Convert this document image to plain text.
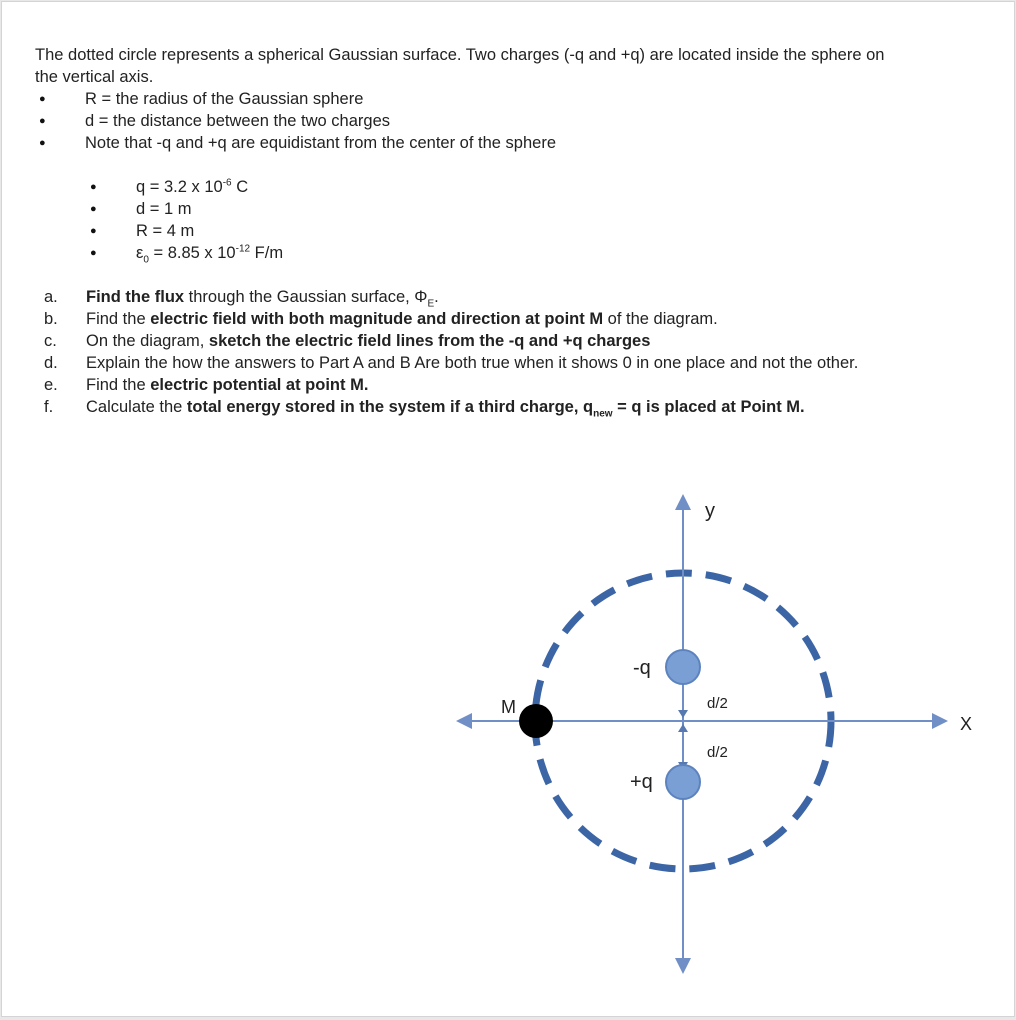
The dotted circle represents a spherical Gaussian surface. Two charges (-q and +q) are located inside the sphere on the vertical axis.

● R = the radius of the Gaussian sphere
● d = the distance between the two charges
● Note that -q and +q are equidistant from the center of the sphere
● q = 3.2 x $10^{-6}$ C
● d = 1 m
● R = 4 m
● $\varepsilon_0 = 8.85$ x $10^{-12}$ F/m
a. Find the flux through the Gaussian surface, $\Phi_E$.
b. Find the electric field with both magnitude and direction at point M of the diagram.
c. On the diagram, sketch the electric field lines from the -q and +q charges
d. Explain the how the answers to Part A and B Are both true when it shows 0 in one place and not the other.
e. Find the electric potential at point M.
f. Calculate the total energy stored in the system if a third charge, $q_{new} = q$ is placed at Point M.
y
X
M
-q
+q
d/2
d/2
